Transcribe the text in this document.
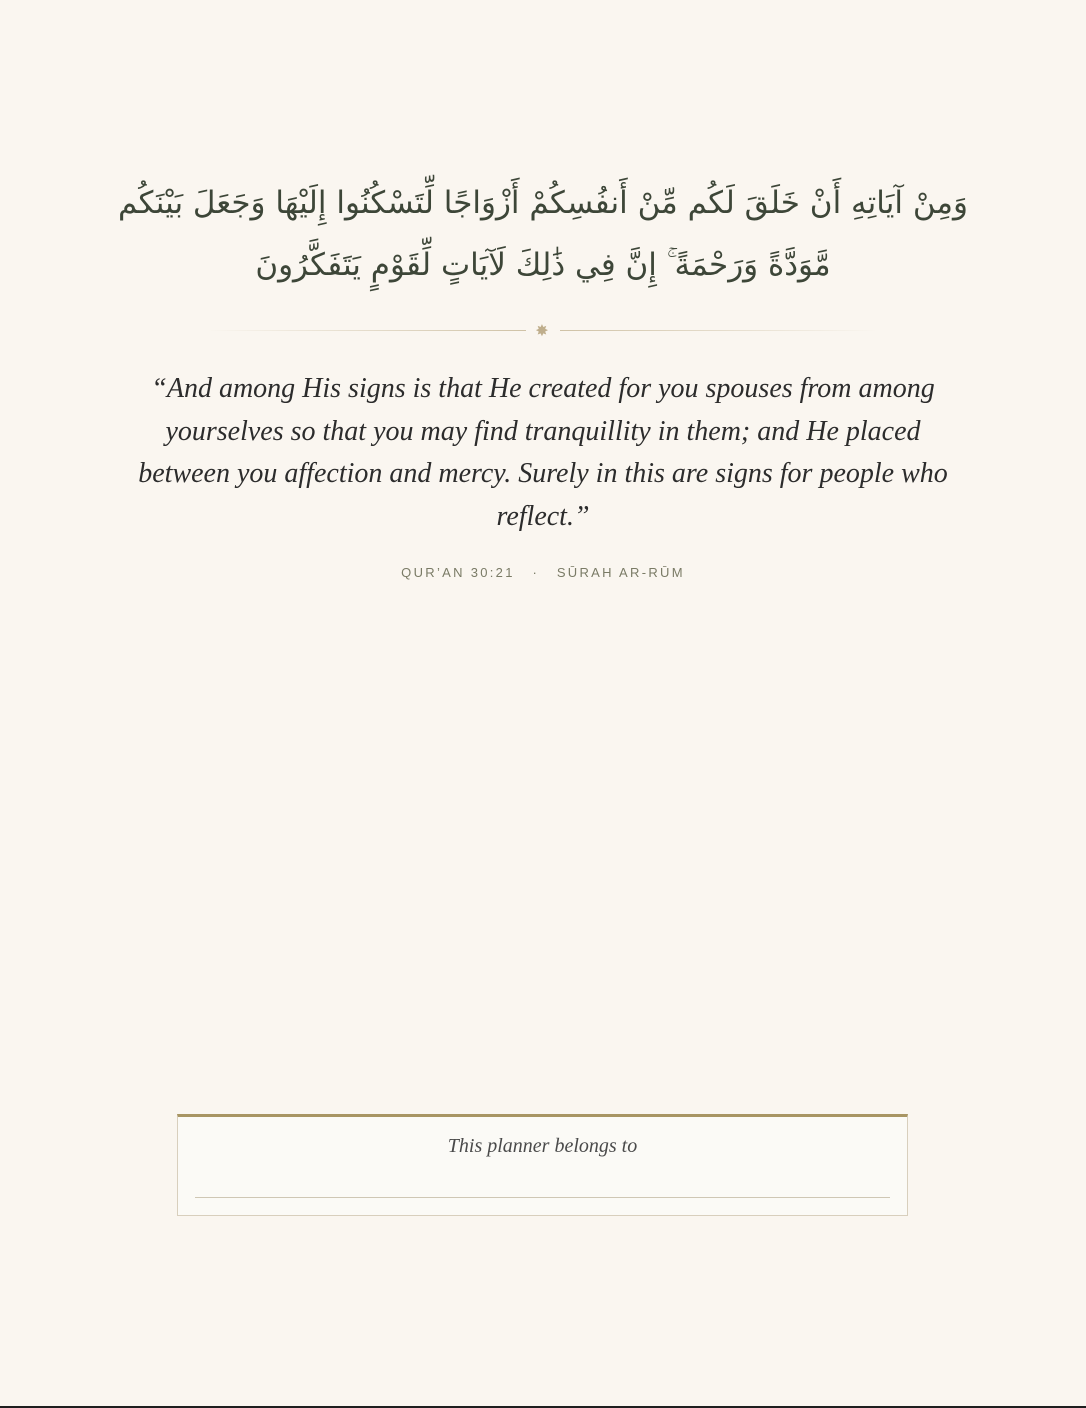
وَمِنْ آيَاتِهِ أَنْ خَلَقَ لَكُم مِّنْ أَنفُسِكُمْ أَزْوَاجًا لِّتَسْكُنُوا إِلَيْهَا وَجَعَلَ بَيْنَكُم مَّوَدَّةً وَرَحْمَةً ۚ إِنَّ فِي ذَٰلِكَ لَآيَاتٍ لِّقَوْمٍ يَتَفَكَّرُونَ
✸
“And among His signs is that He created for you spouses from among yourselves so that you may find tranquillity in them; and He placed between you affection and mercy. Surely in this are signs for people who reflect.”
QUR’AN 30:21   ·   SŪRAH AR-RŪM
This planner belongs to
